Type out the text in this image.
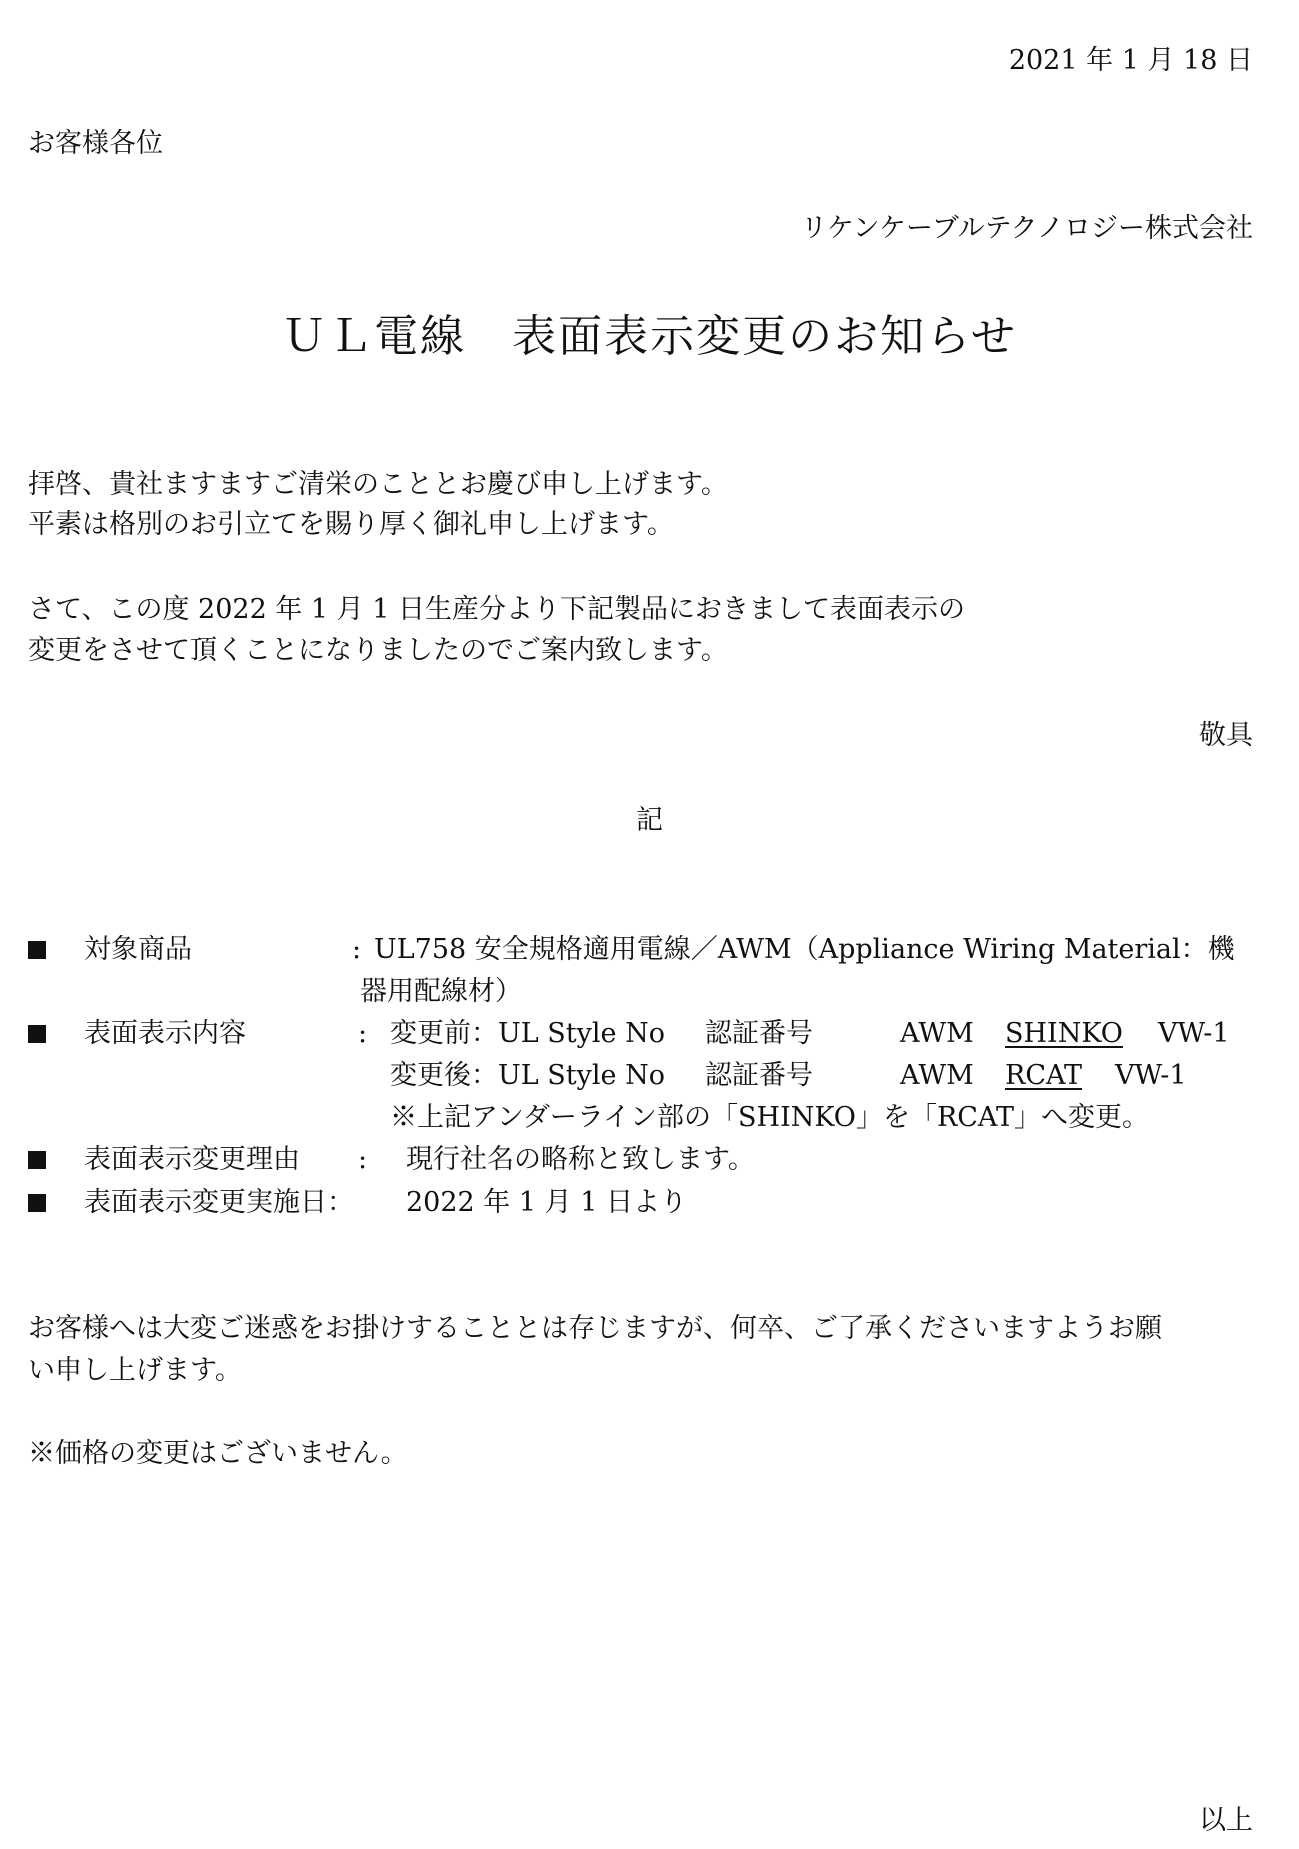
2021 年 1 月 18 日
お客様各位
リケンケーブルテクノロジー株式会社
ＵＬ電線　表面表示変更のお知らせ
拝啓、貴社ますますご清栄のこととお慶び申し上げます。
平素は格別のお引立てを賜り厚く御礼申し上げます。
さて、この度 2022 年 1 月 1 日生産分より下記製品におきまして表面表示の
変更をさせて頂くことになりましたのでご案内致します。
敬具
記
対象商品	: UL758 安全規格適用電線／AWM（Appliance Wiring Material：機
器用配線材）
表面表示内容	: 変更前：UL Style No 認証番号	AWM SHINKO VW-1
変更後：UL Style No 認証番号	AWM RCAT VW-1
※上記アンダーライン部の「SHINKO」を「RCAT」へ変更。
表面表示変更理由 : 現行社名の略称と致します。
表面表示変更実施日： 2022 年 1 月 1 日より
お客様へは大変ご迷惑をお掛けすることとは存じますが、何卒、ご了承くださいますようお願
い申し上げます。
※価格の変更はございません。
以上
